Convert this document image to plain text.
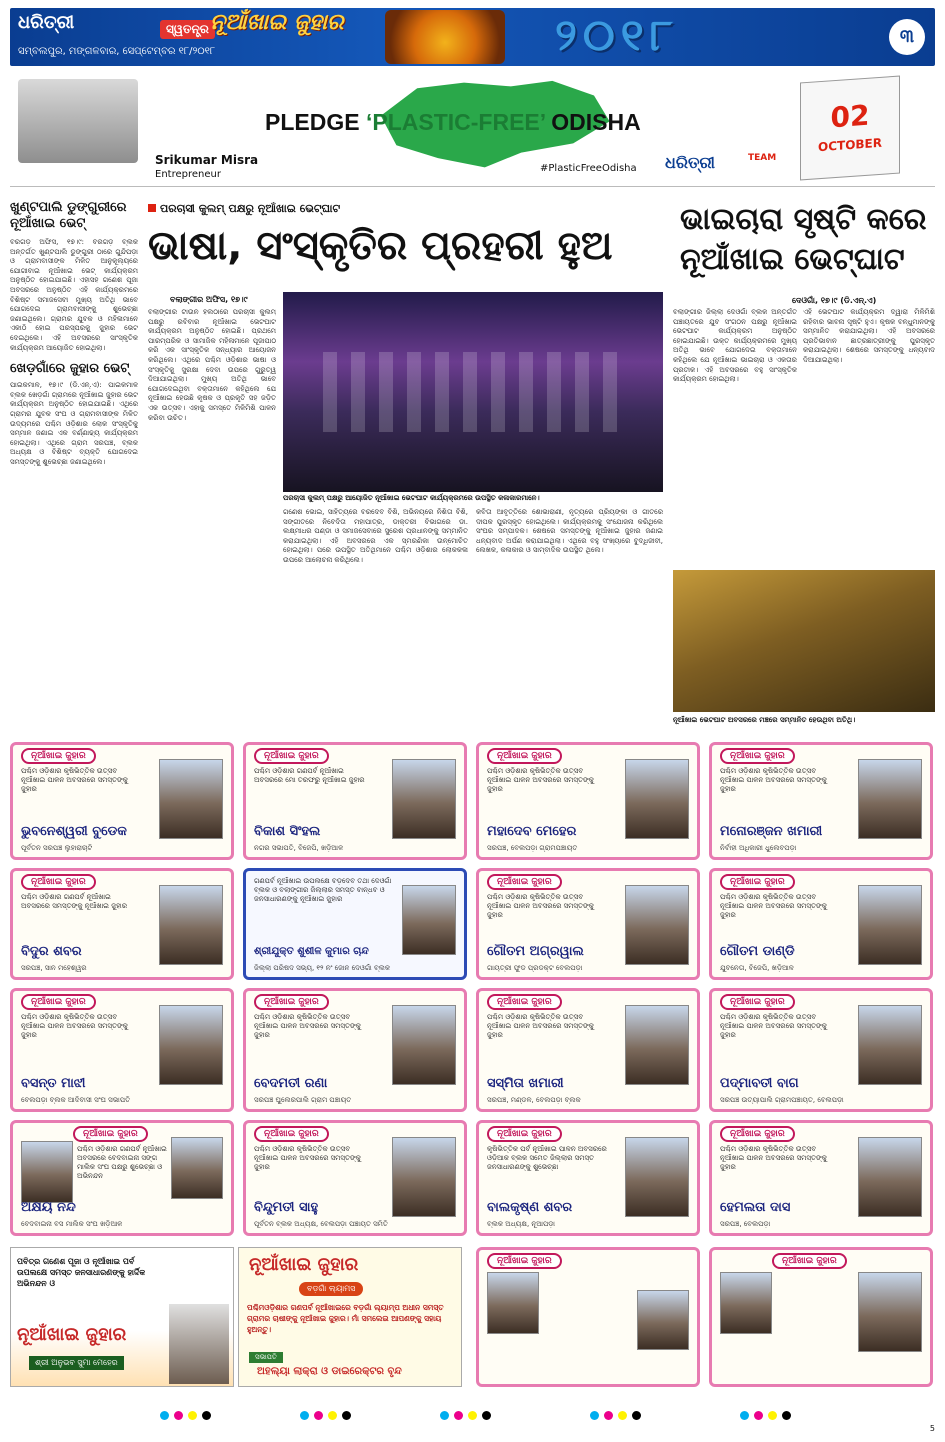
ଧରିତ୍ରୀ
ସମ୍ବଲପୁର, ମଙ୍ଗଳବାର, ସେପ୍ଟେମ୍ବର ୧୮/୨୦୧୮
ସ୍ୱତନ୍ତ୍ର ନୂଆଁଖାଇ ଜୁହାର	୨୦୧୮	୩
Srikumar Misra
Entrepreneur
PLEDGE ‘PLASTIC-FREE’ ODISHA
#PlasticFreeOdisha ଧରିତ୍ରୀ	TEAM
02
OCTOBER
ଖୁଣ୍ଟପାଲି ଡୁଙ୍ଗୁରୀରେ ନୂଆଁଖାଇ ଭେଟ୍
ବରଗଡ଼ ଅଫିସ, ୧୭।୯: ବରଗଡ଼ ବ୍ଲକ ଅନ୍ତର୍ଗତ ଖୁଣ୍ଟପାଲି ଡୁଙ୍ଗୁରୀ ଠାରେ ଗୁନ୍ଦିପଡ଼ା ଓ ଗ୍ରାମବାସୀଙ୍କ ମିଳିତ ଆନୁକୂଲ୍ୟରେ ଯୋଗୀବାଇ ନୂଆଁଖାଇ ଭେଟ୍ କାର୍ଯ୍ୟକ୍ରମ ଅନୁଷ୍ଠିତ ହୋଇଯାଇଛି। ଏହାସହ ଗଣେଶ ପୂଜା ଅବସରରେ ଅନୁଷ୍ଠିତ ଏହି କାର୍ଯ୍ୟକ୍ରମରେ ବିଶିଷ୍ଟ ସମାଜସେବୀ ମୁଖ୍ୟ ଅତିଥି ଭାବେ ଯୋଗଦେଇ ଗ୍ରାମବାସୀଙ୍କୁ ଶୁଭେଚ୍ଛା ଜଣାଇଥିଲେ। ଗ୍ରାମର ଯୁବକ ଓ ମହିଳାମାନେ ଏକାଠି ହୋଇ ପରସ୍ପରକୁ ଜୁହାର ଭେଟ ଦେଇଥିଲେ। ଏହି ଅବସରରେ ସାଂସ୍କୃତିକ କାର୍ଯ୍ୟକ୍ରମ ଆୟୋଜିତ ହୋଇଥିଲା।
ଖେଡ଼ଗାଁରେ ଜୁହାର ଭେଟ୍
ପାଇକମାଳ, ୧୭।୯ (ଡି.ଏନ୍.ଏ): ପାଇକମାଳ ବ୍ଲକ ଖେଡ଼ଗାଁ ଗ୍ରାମରେ ନୂଆଁଖାଇ ଜୁହାର ଭେଟ କାର୍ଯ୍ୟକ୍ରମ ଅନୁଷ୍ଠିତ ହୋଇଯାଇଛି। ଏଥିରେ ଗ୍ରାମର ଯୁବକ ସଂଘ ଓ ଗ୍ରାମବାସୀଙ୍କ ମିଳିତ ଉଦ୍ୟମରେ ପଶ୍ଚିମ ଓଡ଼ିଶାର ଲୋକ ସଂସ୍କୃତିକୁ ସମ୍ମାନ ଜଣାଇ ଏକ ବର୍ଣ୍ଣାଢ୍ୟ କାର୍ଯ୍ୟକ୍ରମ ହୋଇଥିଲା। ଏଥିରେ ଗ୍ରାମ ସରପଞ୍ଚ, ବ୍ଲକ ଅଧ୍ୟକ୍ଷ ଓ ବିଶିଷ୍ଟ ବ୍ୟକ୍ତି ଯୋଗଦେଇ ସମସ୍ତଙ୍କୁ ଶୁଭେଚ୍ଛା ଜଣାଇଥିଲେ।
ପରଚାସୀ କୁଲମ୍ ପକ୍ଷରୁ ନୂଆଁଖାଇ ଭେଟ୍ଘାଟ
ଭାଷା, ସଂସ୍କୃତିର ପ୍ରହରୀ ହୁଅ
ବଲାଙ୍ଗୀର ଅଫିସ, ୧୭।୯
ବଲାଙ୍ଗୀର ଟାଉନ ହଲଠାରେ ପରଚାସୀ କୁଲମ୍ ପକ୍ଷରୁ ରବିବାର ନୂଆଁଖାଇ ଭେଟଘାଟ କାର୍ଯ୍ୟକ୍ରମ ଅନୁଷ୍ଠିତ ହୋଇଛି। ପ୍ରଥମେ ପାରମ୍ପରିକ ଓ ସାମାଜିକ ମହିଳାମାନେ ପୂଜାପାଠ କରି ଏକ ସାଂସ୍କୃତିକ ସନ୍ଧ୍ୟାର ଆୟୋଜନ କରିଥିଲେ। ଏଥିରେ ପଶ୍ଚିମ ଓଡ଼ିଶାର ଭାଷା ଓ ସଂସ୍କୃତିକୁ ସୁରକ୍ଷା ଦେବା ଉପରେ ଗୁରୁତ୍ୱ ଦିଆଯାଇଥିଲା। ମୁଖ୍ୟ ଅତିଥି ଭାବେ ଯୋଗଦେଇଥିବା ବକ୍ତାମାନେ କହିଥିଲେ ଯେ ନୂଆଁଖାଇ ହେଉଛି କୃଷକ ଓ ପ୍ରକୃତି ସହ ଜଡ଼ିତ ଏକ ଉତ୍ସବ। ଏହାକୁ ସମସ୍ତେ ମିଳିମିଶି ପାଳନ କରିବା ଉଚିତ।
ପରଚାସୀ କୁଲମ୍ ପକ୍ଷରୁ ଆୟୋଜିତ ନୂଆଁଖାଇ ଭେଟଘାଟ କାର୍ଯ୍ୟକ୍ରମରେ ଉପସ୍ଥିତ କଳାକାରମାନେ।
ଗଣେଶ ଭୋଇ, ସାହିତ୍ୟରେ ବରଦେବ ବିଶି, ଅଭିନୟରେ ନିଶିତା ବିଶି, ସଙ୍ଗୀତରେ ନିବେଦିତା ମହାପାତ୍ର, ଡାକ୍ତରୀ ବିଭାଗରେ ଡା. ଲକ୍ଷ୍ମୀଧର ପଣ୍ଡା ଓ ସମାଜସେବାରେ ସୁରେଶ ପ୍ରଧାନଙ୍କୁ ସମ୍ମାନିତ କରାଯାଇଥିଲା। ଏହି ଅବସରରେ ଏକ ସ୍ମରଣିକା ଉନ୍ମୋଚିତ ହୋଇଥିଲା। ପରେ ଉପସ୍ଥିତ ଅତିଥିମାନେ ପଶ୍ଚିମ ଓଡ଼ିଶାର ଲୋକକଳା ଉପରେ ଆଲୋଚନା କରିଥିଲେ।
କବିତା ଆବୃତ୍ତିରେ ଶୋଭାରାଣୀ, ନୃତ୍ୟରେ ପ୍ରିୟଙ୍କା ଓ ଗୀତରେ ଦୀପକ ପୁରସ୍କୃତ ହୋଇଥିଲେ। କାର୍ଯ୍ୟକ୍ରମକୁ ସଂଯୋଜନା କରିଥିଲେ ସଂଘର ସମ୍ପାଦକ। ଶେଷରେ ସମସ୍ତଙ୍କୁ ନୂଆଁଖାଇ ଜୁହାର ଜଣାଇ ଧନ୍ୟବାଦ ଅର୍ପଣ କରାଯାଇଥିଲା। ଏଥିରେ ବହୁ ସଂଖ୍ୟାରେ ବୁଦ୍ଧିଜୀବୀ, ଲେଖକ, କଳାକାର ଓ ସାମ୍ବାଦିକ ଉପସ୍ଥିତ ଥିଲେ।
ଭାଇଚାରା ସୃଷ୍ଟି କରେ ନୂଆଁଖାଇ ଭେଟ୍ଘାଟ
ଦେଓଗାଁ, ୧୭।୯ (ଡି.ଏନ୍.ଏ)
ବଲାଙ୍ଗୀର ଜିଲ୍ଲା ଦେଓଗାଁ ବ୍ଲକ ଅନ୍ତର୍ଗତ ପଞ୍ଚାୟତରେ ଯୁବ ସଂଗଠନ ପକ୍ଷରୁ ନୂଆଁଖାଇ ଭେଟଘାଟ କାର୍ଯ୍ୟକ୍ରମ ଅନୁଷ୍ଠିତ ହୋଇଯାଇଛି। ଉକ୍ତ କାର୍ଯ୍ୟକ୍ରମରେ ମୁଖ୍ୟ ଅତିଥି ଭାବେ ଯୋଗଦେଇ ବକ୍ତାମାନେ କହିଥିଲେ ଯେ ନୂଆଁଖାଇ ଭାଇଚାରା ଓ ଏକତାର ପ୍ରତୀକ। ଏହି ଅବସରରେ ବହୁ ସାଂସ୍କୃତିକ କାର୍ଯ୍ୟକ୍ରମ ହୋଇଥିଲା।
ଏହି ଭେଟଘାଟ କାର୍ଯ୍ୟକ୍ରମ ଦ୍ୱାରା ମିଳିମିଶି ରହିବାର ଭାବନା ସୃଷ୍ଟି ହୁଏ। କୃଷକ ବନ୍ଧୁମାନଙ୍କୁ ସମ୍ମାନିତ କରାଯାଇଥିଲା। ଏହି ଅବସରରେ ପ୍ରତିଭାବାନ ଛାତ୍ରଛାତ୍ରୀଙ୍କୁ ପୁରସ୍କୃତ କରାଯାଇଥିଲା। ଶେଷରେ ସମସ୍ତଙ୍କୁ ଧନ୍ୟବାଦ ଦିଆଯାଇଥିଲା।
ନୂଆଁଖାଇ ଭେଟଘାଟ ଅବସରରେ ମଞ୍ଚରେ ସମ୍ମାନିତ ହେଉଥିବା ଅତିଥି।
ନୂଆଁଖାଇ ଜୁହାର
ପଶ୍ଚିମ ଓଡ଼ିଶାର କୃଷିଭିତ୍ତିକ ଉତ୍ସବ ନୂଆଁଖାଇ ପାଳନ ଅବସରରେ ସମସ୍ତଙ୍କୁ ଜୁହାର
ଭୁବନେଶ୍ୱରୀ ବୁଡେକ
ପୂର୍ବତନ ସରପଞ୍ଚ ଲୁହାରାଚାଟି
ନୂଆଁଖାଇ ଜୁହାର
ପଶ୍ଚିମ ଓଡ଼ିଶାର ଗଣପର୍ବ ନୂଆଁଖାଇ ଅବସରରେ ମୋ ତରଫରୁ ନୂଆଁଖାଇ ଜୁହାର
ବିକାଶ ସିଂହଲ
ନଗର ସଭାପତି, ବିଜେପି, ଖଡ଼ିଆଳ
ନୂଆଁଖାଇ ଜୁହାର
ପଶ୍ଚିମ ଓଡ଼ିଶାର କୃଷିଭିତ୍ତିକ ଉତ୍ସବ ନୂଆଁଖାଇ ପାଳନ ଅବସରରେ ସମସ୍ତଙ୍କୁ ଜୁହାର
ମହାଦେବ ମେହେର
ସରପଞ୍ଚ, ବେଲପଡ଼ା ଗ୍ରାମପଞ୍ଚାୟତ
ନୂଆଁଖାଇ ଜୁହାର
ପଶ୍ଚିମ ଓଡ଼ିଶାର କୃଷିଭିତ୍ତିକ ଉତ୍ସବ ନୂଆଁଖାଇ ପାଳନ ଅବସରରେ ସମସ୍ତଙ୍କୁ ଜୁହାର
ମନୋରଞ୍ଜନ ଖମାରୀ
ନିର୍ବାହୀ ଅଧିକାରୀ ଧୁଲେବପଡ଼ା
ନୂଆଁଖାଇ ଜୁହାର
ପଶ୍ଚିମ ଓଡ଼ିଶାର ଗଣପର୍ବ ନୂଆଁଖାଇ ଅବସରରେ ସମସ୍ତଙ୍କୁ ନୂଆଁଖାଇ ଜୁହାର
ବିଦୁର ଶବର
ସରପଞ୍ଚ, ସାନ ମହେଶ୍ୱର
ଗଣପର୍ବ ନୂଆଁଖାଇ ଉପଲକ୍ଷେ ବଡ଼ଦେବ ତଥା ଦେଓଗାଁ ବ୍ଲକ ଓ ବଲାଙ୍ଗୀର ଜିଲ୍ଲାର ସମସ୍ତ ବାନ୍ଧବ ଓ ଜନସାଧାରଣଙ୍କୁ ନୂଆଁଖାଇ ଜୁହାର
ଶ୍ରୀଯୁକ୍ତ ଶୁଶୀଳ କୁମାର ଚାନ୍ଦ
ଜିଲ୍ଲା ପରିଷଦ ସଭ୍ୟ, ୧୨ ନଂ ଜୋନ ଦେଓଗାଁ ବ୍ଲକ
ନୂଆଁଖାଇ ଜୁହାର
ପଶ୍ଚିମ ଓଡ଼ିଶାର କୃଷିଭିତ୍ତିକ ଉତ୍ସବ ନୂଆଁଖାଇ ପାଳନ ଅବସରରେ ସମସ୍ତଙ୍କୁ ଜୁହାର
ଗୌତମ ଅଗ୍ରୱାଲ
ଗାୟତ୍ରୀ ଫୁଡ ପ୍ରଡକ୍ଟ ବେଲପଡ଼ା
ନୂଆଁଖାଇ ଜୁହାର
ପଶ୍ଚିମ ଓଡ଼ିଶାର କୃଷିଭିତ୍ତିକ ଉତ୍ସବ ନୂଆଁଖାଇ ପାଳନ ଅବସରରେ ସମସ୍ତଙ୍କୁ ଜୁହାର
ଗୌତମ ଡାଣ୍ଡି
ଯୁବନେତା, ବିଜେପି, ଖଡ଼ିଆଳ
ନୂଆଁଖାଇ ଜୁହାର
ପଶ୍ଚିମ ଓଡ଼ିଶାର କୃଷିଭିତ୍ତିକ ଉତ୍ସବ ନୂଆଁଖାଇ ପାଳନ ଅବସରରେ ସମସ୍ତଙ୍କୁ ଜୁହାର
ବସନ୍ତ ମାଝୀ
ବେଲପଡ଼ା ବ୍ଲକ ଆଦିବାସୀ ସଂଘ ସଭାପତି
ନୂଆଁଖାଇ ଜୁହାର
ପଶ୍ଚିମ ଓଡ଼ିଶାର କୃଷିଭିତ୍ତିକ ଉତ୍ସବ ନୂଆଁଖାଇ ପାଳନ ଅବସରରେ ସମସ୍ତଙ୍କୁ ଜୁହାର
ବେଦମତୀ ରଣା
ସରପଞ୍ଚ ଘୁଲେରପାଲି ଗ୍ରାମ ପଞ୍ଚାୟତ
ନୂଆଁଖାଇ ଜୁହାର
ପଶ୍ଚିମ ଓଡ଼ିଶାର କୃଷିଭିତ୍ତିକ ଉତ୍ସବ ନୂଆଁଖାଇ ପାଳନ ଅବସରରେ ସମସ୍ତଙ୍କୁ ଜୁହାର
ସସ୍ମିତା ଖମାରୀ
ସରପଞ୍ଚ, ମଣ୍ଡଳ, ବେଲପଡ଼ା ବ୍ଲକ
ନୂଆଁଖାଇ ଜୁହାର
ପଶ୍ଚିମ ଓଡ଼ିଶାର କୃଷିଭିତ୍ତିକ ଉତ୍ସବ ନୂଆଁଖାଇ ପାଳନ ଅବସରରେ ସମସ୍ତଙ୍କୁ ଜୁହାର
ପଦ୍ମାବତୀ ବାଗ
ସରପଞ୍ଚ ଉତ୍ୟାପାଲି ଗ୍ରାମପଞ୍ଚାୟତ, ବେଲପଡ଼ା
ନୂଆଁଖାଇ ଜୁହାର
ପଶ୍ଚିମ ଓଡ଼ିଶାର ଗଣପର୍ବ ନୂଆଁଖାଇ ଅବସରରେ ବେଦବାଇନା ସଙ୍ଗ ମାଲିକ ସଂଘ ପକ୍ଷରୁ ଶୁଭେଚ୍ଛା ଓ ଅଭିନନ୍ଦନ
ଅକ୍ଷୟ ନନ୍ଦ
ବେଦବାଇନା ବସ ମାଲିକ ସଂଘ ଖଡ଼ିଆଳ
ନୂଆଁଖାଇ ଜୁହାର
ପଶ୍ଚିମ ଓଡ଼ିଶାର କୃଷିଭିତ୍ତିକ ଉତ୍ସବ ନୂଆଁଖାଇ ପାଳନ ଅବସରରେ ସମସ୍ତଙ୍କୁ ଜୁହାର
ବିନ୍ଦୁମତୀ ସାହୁ
ପୂର୍ବତନ ବ୍ଲକ ଅଧ୍ୟକ୍ଷ, ବେଲପଡ଼ା ପଞ୍ଚାୟତ ସମିତି
ନୂଆଁଖାଇ ଜୁହାର
କୃଷିଭିତ୍ତିକ ପର୍ବ ନୂଆଁଖାଇ ପାଳନ ଅବସରରେ ଓଡ଼ିଆକ ବ୍ଲକ ସମେତ ଜିଲ୍ଲାର ସମସ୍ତ ଜନସାଧାରଣଙ୍କୁ ଶୁଭେଚ୍ଛା
ବାଲକୃଷ୍ଣ ଶବର
ବ୍ଲକ ଅଧ୍ୟକ୍ଷ, ନୂଆପଡ଼ା
ନୂଆଁଖାଇ ଜୁହାର
ପଶ୍ଚିମ ଓଡ଼ିଶାର କୃଷିଭିତ୍ତିକ ଉତ୍ସବ ନୂଆଁଖାଇ ପାଳନ ଅବସରରେ ସମସ୍ତଙ୍କୁ ଜୁହାର
ହେମଲତା ଦାସ
ସରପଞ୍ଚ, ବେଲପଡ଼ା
ପବିତ୍ର ଗଣେଶ ପୂଜା ଓ ନୂଆଁଖାଇ ପର୍ବ ଉପଲକ୍ଷେ ସମସ୍ତ ଜନସାଧାରଣଙ୍କୁ ହାର୍ଦ୍ଦିକ ଅଭିନନ୍ଦନ ଓ
ନୂଆଁଖାଇ ଜୁହାର
ଶ୍ରୀ ଅନୁଭବ ସୁମା ମେହେର
ନୂଆଁଖାଇ ଜୁହାର
ବଡ଼ଗାଁ ଲ୍ୟାମସ
ପଶ୍ଚିମଓଡ଼ିଶାର ଗଣପର୍ବ ନୂଆଁଖାଇରେ ବଡ଼ଗାଁ ଲ୍ୟାମ୍ପ ଅଧୀନ ସମସ୍ତ ଗ୍ରାମର ଚାଷୀଙ୍କୁ ନୂଆଁଖାଇ ଜୁହାର। ମାଁ ସମଲେଇ ଆପଣଙ୍କୁ ସହାୟ ହୁଅନ୍ତୁ।
ସଭାପତି
ଅହଲ୍ୟା ଲାକ୍ରା ଓ ଡାଇରେକ୍ଟର ବୃନ୍ଦ
ନୂଆଁଖାଇ ଜୁହାର	ନୂଆଁଖାଇ ଜୁହାର
5
